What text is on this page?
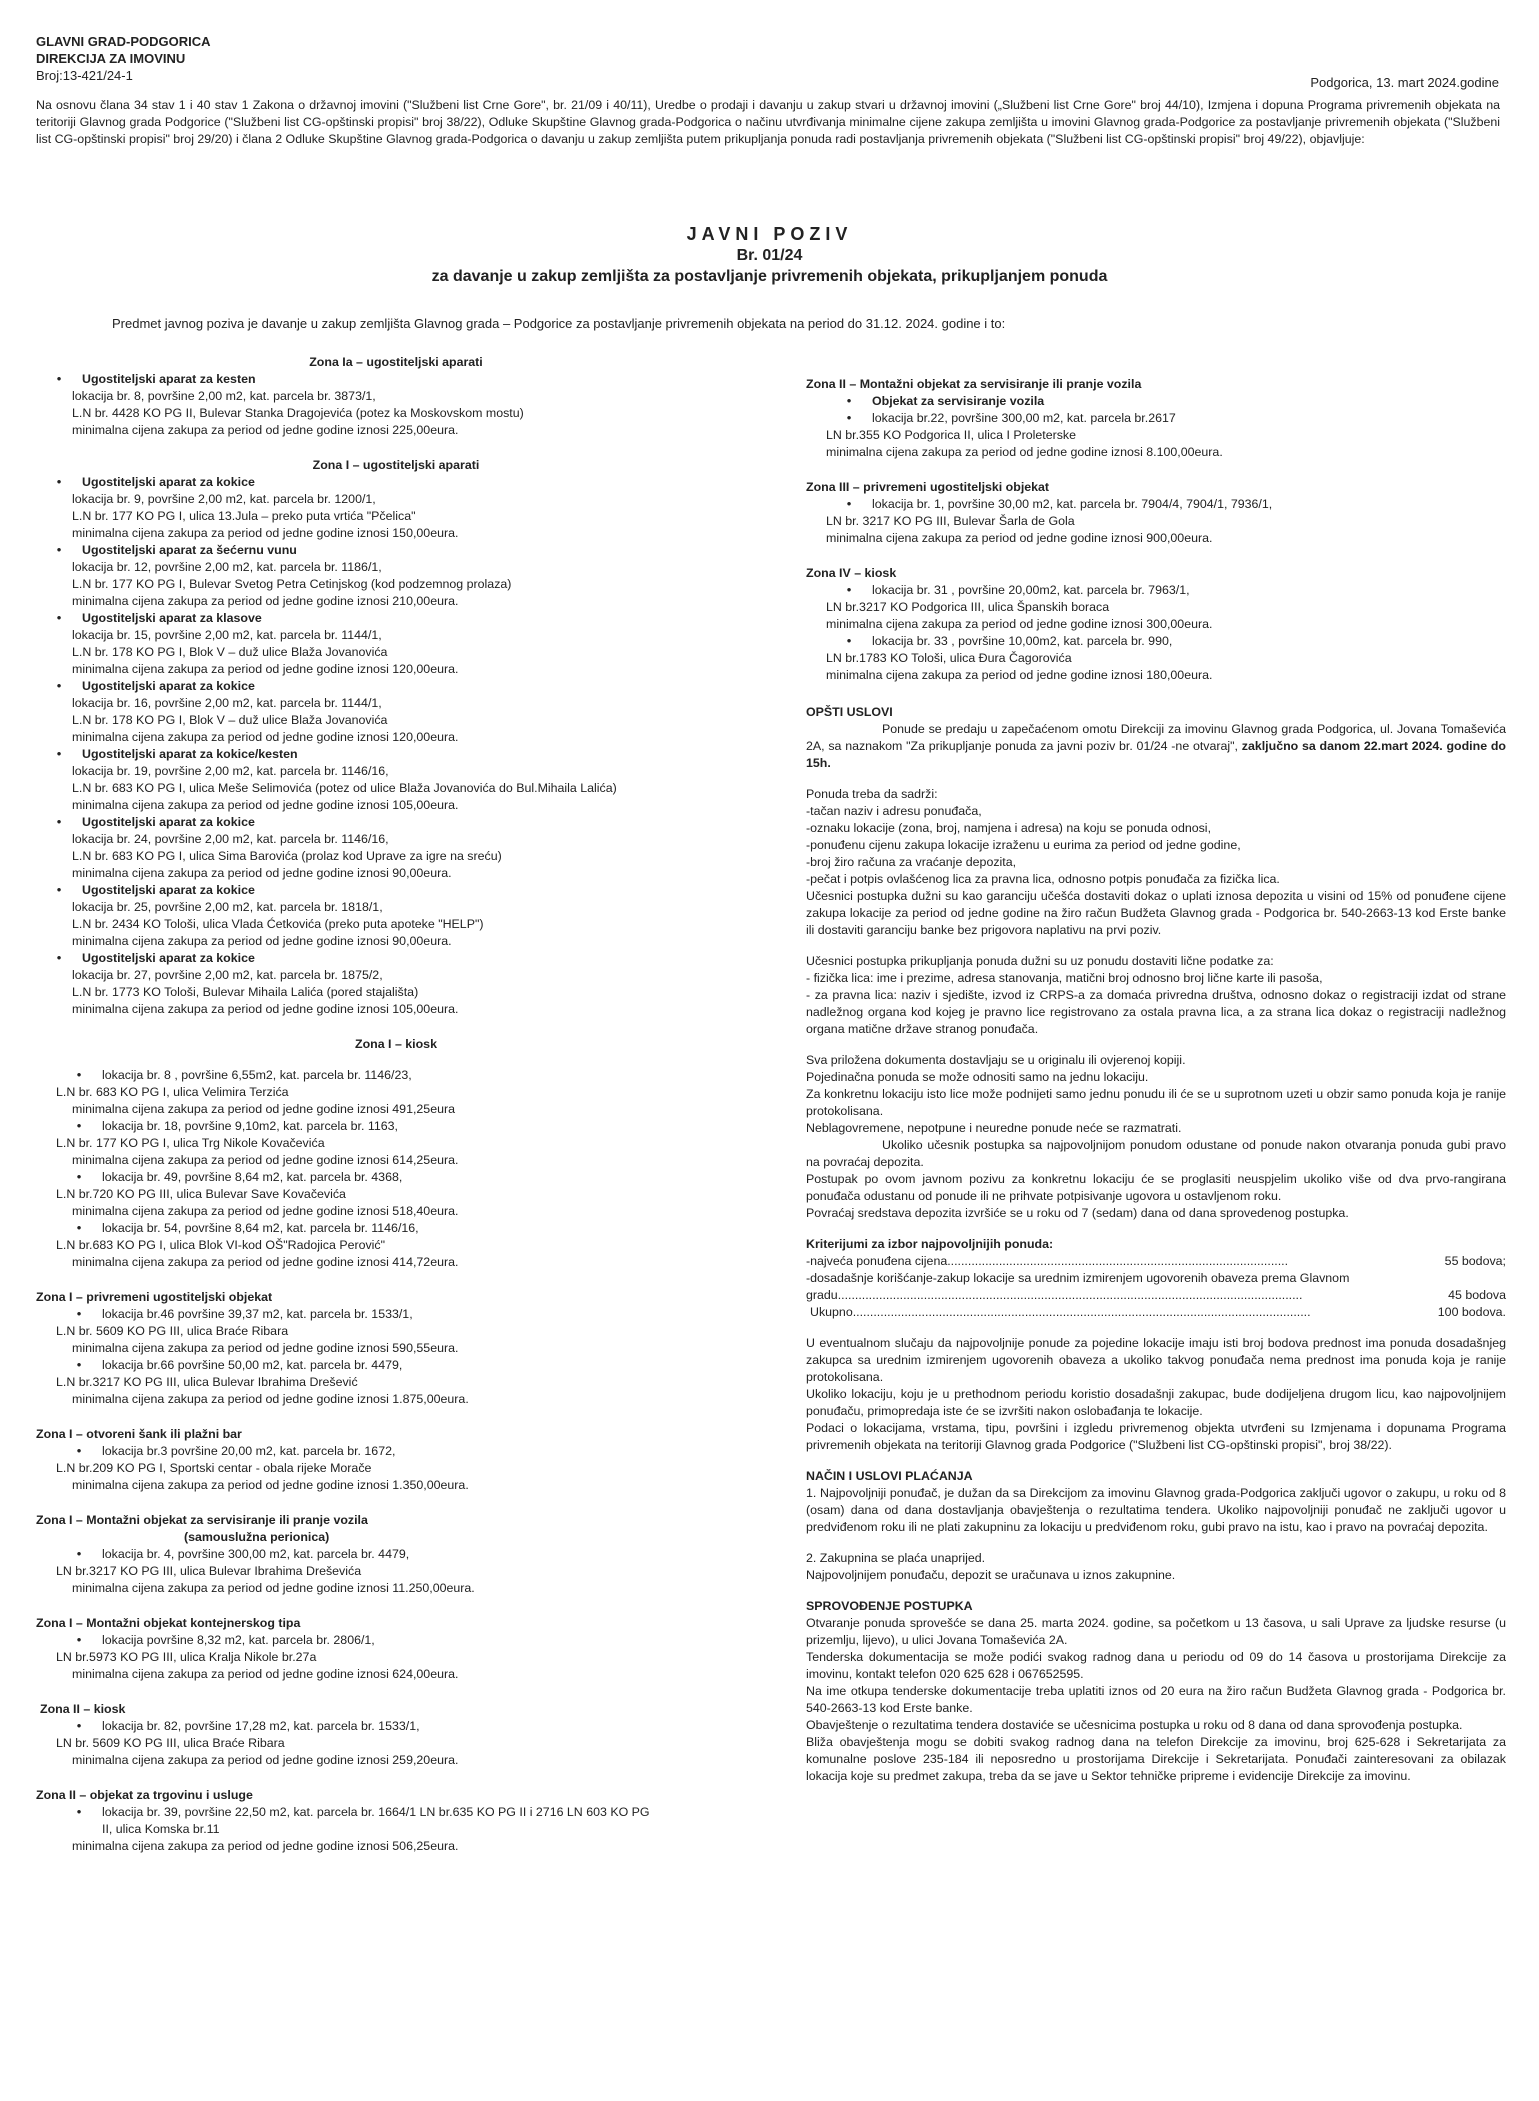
GLAVNI GRAD-PODGORICA
DIREKCIJA ZA IMOVINU
Broj:13-421/24-1	Podgorica, 13. mart 2024.godine
Na osnovu člana 34 stav 1 i 40 stav 1 Zakona o državnoj imovini ("Službeni list Crne Gore", br. 21/09 i 40/11), Uredbe o prodaji i davanju u zakup stvari u državnoj imovini („Službeni list Crne Gore" broj 44/10), Izmjena i dopuna Programa privremenih objekata na teritoriji Glavnog grada Podgorice ("Službeni list CG-opštinski propisi" broj 38/22), Odluke Skupštine Glavnog grada-Podgorica o načinu utvrđivanja minimalne cijene zakupa zemljišta u imovini Glavnog grada-Podgorice za postavljanje privremenih objekata ("Službeni list CG-opštinski propisi" broj 29/20) i člana 2 Odluke Skupštine Glavnog grada-Podgorica o davanju u zakup zemljišta putem prikupljanja ponuda radi postavljanja privremenih objekata ("Službeni list CG-opštinski propisi" broj 49/22), objavljuje:
JAVNI POZIV
Br. 01/24
za davanje u zakup zemljišta za postavljanje privremenih objekata, prikupljanjem ponuda
Predmet javnog poziva je davanje u zakup zemljišta Glavnog grada – Podgorice za postavljanje privremenih objekata na period do 31.12. 2024. godine i to:
Zona Ia – ugostiteljski aparati
• Ugostiteljski aparat za kesten
lokacija br. 8, površine 2,00 m2, kat. parcela br. 3873/1,
L.N br. 4428 KO PG II, Bulevar Stanka Dragojevića (potez ka Moskovskom mostu)
minimalna cijena zakupa za period od jedne godine iznosi 225,00eura.
Zona I – ugostiteljski aparati
• Ugostiteljski aparat za kokice
lokacija br. 9, površine 2,00 m2, kat. parcela br. 1200/1,
L.N br. 177 KO PG I, ulica 13.Jula – preko puta vrtića "Pčelica"
minimalna cijena zakupa za period od jedne godine iznosi 150,00eura.
• Ugostiteljski aparat za šećernu vunu
lokacija br. 12, površine 2,00 m2, kat. parcela br. 1186/1,
L.N br. 177 KO PG I, Bulevar Svetog Petra Cetinjskog (kod podzemnog prolaza)
minimalna cijena zakupa za period od jedne godine iznosi 210,00eura.
• Ugostiteljski aparat za klasove
lokacija br. 15, površine 2,00 m2, kat. parcela br. 1144/1,
L.N br. 178 KO PG I, Blok V – duž ulice Blaža Jovanovića
minimalna cijena zakupa za period od jedne godine iznosi 120,00eura.
• Ugostiteljski aparat za kokice
lokacija br. 16, površine 2,00 m2, kat. parcela br. 1144/1,
L.N br. 178 KO PG I, Blok V – duž ulice Blaža Jovanovića
minimalna cijena zakupa za period od jedne godine iznosi 120,00eura.
• Ugostiteljski aparat za kokice/kesten
lokacija br. 19, površine 2,00 m2, kat. parcela br. 1146/16,
L.N br. 683 KO PG I, ulica Meše Selimovića (potez od ulice Blaža Jovanovića do Bul.Mihaila Lalića)
minimalna cijena zakupa za period od jedne godine iznosi 105,00eura.
• Ugostiteljski aparat za kokice
lokacija br. 24, površine 2,00 m2, kat. parcela br. 1146/16,
L.N br. 683 KO PG I, ulica Sima Barovića (prolaz kod Uprave za igre na sreću)
minimalna cijena zakupa za period od jedne godine iznosi 90,00eura.
• Ugostiteljski aparat za kokice
lokacija br. 25, površine 2,00 m2, kat. parcela br. 1818/1,
L.N br. 2434 KO Tološi, ulica Vlada Ćetkovića (preko puta apoteke "HELP")
minimalna cijena zakupa za period od jedne godine iznosi 90,00eura.
• Ugostiteljski aparat za kokice
lokacija br. 27, površine 2,00 m2, kat. parcela br. 1875/2,
L.N br. 1773 KO Tološi, Bulevar Mihaila Lalića (pored stajališta)
minimalna cijena zakupa za period od jedne godine iznosi 105,00eura.
Zona I – kiosk
• lokacija br. 8 , površine 6,55m2, kat. parcela br. 1146/23,
L.N br. 683 KO PG I, ulica Velimira Terzića
minimalna cijena zakupa za period od jedne godine iznosi 491,25eura
• lokacija br. 18, površine 9,10m2, kat. parcela br. 1163,
L.N br. 177 KO PG I, ulica Trg Nikole Kovačevića
minimalna cijena zakupa za period od jedne godine iznosi 614,25eura.
• lokacija br. 49, površine 8,64 m2, kat. parcela br. 4368,
L.N br.720 KO PG III, ulica Bulevar Save Kovačevića
minimalna cijena zakupa za period od jedne godine iznosi 518,40eura.
• lokacija br. 54, površine 8,64 m2, kat. parcela br. 1146/16,
L.N br.683 KO PG I, ulica Blok VI-kod OŠ"Radojica Perović"
minimalna cijena zakupa za period od jedne godine iznosi 414,72eura.
Zona I – privremeni ugostiteljski objekat
• lokacija br.46 površine 39,37 m2, kat. parcela br. 1533/1,
L.N br. 5609 KO PG III, ulica Braće Ribara
minimalna cijena zakupa za period od jedne godine iznosi 590,55eura.
• lokacija br.66 površine 50,00 m2, kat. parcela br. 4479,
L.N br.3217 KO PG III, ulica Bulevar Ibrahima Drešević
minimalna cijena zakupa za period od jedne godine iznosi 1.875,00eura.
Zona I – otvoreni šank ili plažni bar
• lokacija br.3 površine 20,00 m2, kat. parcela br. 1672,
L.N br.209 KO PG I, Sportski centar - obala rijeke Morače
minimalna cijena zakupa za period od jedne godine iznosi 1.350,00eura.
Zona I – Montažni objekat za servisiranje ili pranje vozila
(samouslužna perionica)
• lokacija br. 4, površine 300,00 m2, kat. parcela br. 4479,
LN br.3217 KO PG III, ulica Bulevar Ibrahima Dreševića
minimalna cijena zakupa za period od jedne godine iznosi 11.250,00eura.
Zona I – Montažni objekat kontejnerskog tipa
• lokacija površine 8,32 m2, kat. parcela br. 2806/1,
LN br.5973 KO PG III, ulica Kralja Nikole br.27a
minimalna cijena zakupa za period od jedne godine iznosi 624,00eura.
Zona II – kiosk
• lokacija br. 82, površine 17,28 m2, kat. parcela br. 1533/1,
LN br. 5609 KO PG III, ulica Braće Ribara
minimalna cijena zakupa za period od jedne godine iznosi 259,20eura.
Zona II – objekat za trgovinu i usluge
• lokacija br. 39, površine 22,50 m2, kat. parcela br. 1664/1 LN br.635 KO PG II i 2716 LN 603 KO PG
II, ulica Komska br.11
minimalna cijena zakupa za period od jedne godine iznosi 506,25eura.
Zona II – Montažni objekat za servisiranje ili pranje vozila
• Objekat za servisiranje vozila
• lokacija br.22, površine 300,00 m2, kat. parcela br.2617
LN br.355 KO Podgorica II, ulica I Proleterske
minimalna cijena zakupa za period od jedne godine iznosi 8.100,00eura.
Zona III – privremeni ugostiteljski objekat
• lokacija br. 1, površine 30,00 m2, kat. parcela br. 7904/4, 7904/1, 7936/1,
LN br. 3217 KO PG III, Bulevar Šarla de Gola
minimalna cijena zakupa za period od jedne godine iznosi 900,00eura.
Zona IV – kiosk
• lokacija br. 31 , površine 20,00m2, kat. parcela br. 7963/1,
LN br.3217 KO Podgorica III, ulica Španskih boraca
minimalna cijena zakupa za period od jedne godine iznosi 300,00eura.
• lokacija br. 33 , površine 10,00m2, kat. parcela br. 990,
LN br.1783 KO Tološi, ulica Đura Čagorovića
minimalna cijena zakupa za period od jedne godine iznosi 180,00eura.
OPŠTI USLOVI
Ponude se predaju u zapečaćenom omotu Direkciji za imovinu Glavnog grada Podgorica, ul. Jovana Tomaševića 2A, sa naznakom "Za prikupljanje ponuda za javni poziv br. 01/24 -ne otvaraj", zaključno sa danom 22.mart 2024. godine do 15h.
Ponuda treba da sadrži:
-tačan naziv i adresu ponuđača,
-oznaku lokacije (zona, broj, namjena i adresa) na koju se ponuda odnosi,
-ponuđenu cijenu zakupa lokacije izraženu u eurima za period od jedne godine,
-broj žiro računa za vraćanje depozita,
-pečat i potpis ovlašćenog lica za pravna lica, odnosno potpis ponuđača za fizička lica.
Učesnici postupka dužni su kao garanciju učešća dostaviti dokaz o uplati iznosa depozita u visini od 15% od ponuđene cijene zakupa lokacije za period od jedne godine na žiro račun Budžeta Glavnog grada - Podgorica br. 540-2663-13 kod Erste banke ili dostaviti garanciju banke bez prigovora naplativu na prvi poziv.
Učesnici postupka prikupljanja ponuda dužni su uz ponudu dostaviti lične podatke za:
- fizička lica: ime i prezime, adresa stanovanja, matični broj odnosno broj lične karte ili pasoša,
- za pravna lica: naziv i sjedište, izvod iz CRPS-a za domaća privredna društva, odnosno dokaz o registraciji izdat od strane nadležnog organa kod kojeg je pravno lice registrovano za ostala pravna lica, a za strana lica dokaz o registraciji nadležnog organa matične države stranog ponuđača.
Sva priložena dokumenta dostavljaju se u originalu ili ovjerenoj kopiji.
Pojedinačna ponuda se može odnositi samo na jednu lokaciju.
Za konkretnu lokaciju isto lice može podnijeti samo jednu ponudu ili će se u suprotnom uzeti u obzir samo ponuda koja je ranije protokolisana.
Neblagovremene, nepotpune i neuredne ponude neće se razmatrati.
Ukoliko učesnik postupka sa najpovoljnijom ponudom odustane od ponude nakon otvaranja ponuda gubi pravo na povraćaj depozita.
Postupak po ovom javnom pozivu za konkretnu lokaciju će se proglasiti neuspjelim ukoliko više od dva prvo-rangirana ponuđača odustanu od ponude ili ne prihvate potpisivanje ugovora u ostavljenom roku.
Povraćaj sredstava depozita izvršiće se u roku od 7 (sedam) dana od dana sprovedenog postupka.
Kriterijumi za izbor najpovoljnijih ponuda:
-najveća ponuđena cijena...................................................................................................	55 bodova;
-dosadašnje korišćanje-zakup lokacije sa urednim izmirenjem ugovorenih obaveza prema Glavnom
gradu.......................................................................................................................................	45 bodova
Ukupno.....................................................................................................................................	100 bodova.
U eventualnom slučaju da najpovoljnije ponude za pojedine lokacije imaju isti broj bodova prednost ima ponuda dosadašnjeg zakupca sa urednim izmirenjem ugovorenih obaveza a ukoliko takvog ponuđača nema prednost ima ponuda koja je ranije protokolisana.
Ukoliko lokaciju, koju je u prethodnom periodu koristio dosadašnji zakupac, bude dodijeljena drugom licu, kao najpovoljnijem ponuđaču, primopredaja iste će se izvršiti nakon oslobađanja te lokacije.
Podaci o lokacijama, vrstama, tipu, površini i izgledu privremenog objekta utvrđeni su Izmjenama i dopunama Programa privremenih objekata na teritoriji Glavnog grada Podgorice ("Službeni list CG-opštinski propisi", broj 38/22).
NAČIN I USLOVI PLAĆANJA
1. Najpovoljniji ponuđač, je dužan da sa Direkcijom za imovinu Glavnog grada-Podgorica zaključi ugovor o zakupu, u roku od 8 (osam) dana od dana dostavljanja obavještenja o rezultatima tendera. Ukoliko najpovoljniji ponuđač ne zaključi ugovor u predviđenom roku ili ne plati zakupninu za lokaciju u predviđenom roku, gubi pravo na istu, kao i pravo na povraćaj depozita.
2. Zakupnina se plaća unaprijed.
Najpovoljnijem ponuđaču, depozit se uračunava u iznos zakupnine.
SPROVOĐENJE POSTUPKA
Otvaranje ponuda sprovešće se dana 25. marta 2024. godine, sa početkom u 13 časova, u sali Uprave za ljudske resurse (u prizemlju, lijevo), u ulici Jovana Tomaševića 2A.
Tenderska dokumentacija se može podići svakog radnog dana u periodu od 09 do 14 časova u prostorijama Direkcije za imovinu, kontakt telefon 020 625 628 i 067652595.
Na ime otkupa tenderske dokumentacije treba uplatiti iznos od 20 eura na žiro račun Budžeta Glavnog grada - Podgorica br. 540-2663-13 kod Erste banke.
Obavještenje o rezultatima tendera dostaviće se učesnicima postupka u roku od 8 dana od dana sprovođenja postupka.
Bliža obavještenja mogu se dobiti svakog radnog dana na telefon Direkcije za imovinu, broj 625-628 i Sekretarijata za komunalne poslove 235-184 ili neposredno u prostorijama Direkcije i Sekretarijata. Ponuđači zainteresovani za obilazak lokacija koje su predmet zakupa, treba da se jave u Sektor tehničke pripreme i evidencije Direkcije za imovinu.
